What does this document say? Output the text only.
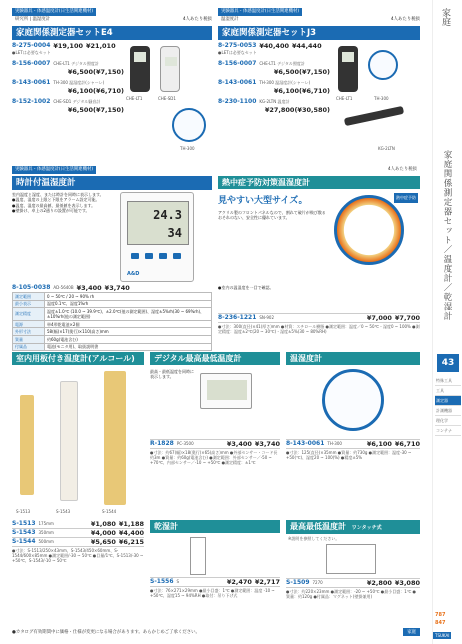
実験器具・体感温度計(日生活関連機材)
研究所 | 温湿度計	4人あたり税抜
家庭関係測定器セットE4
8-275-0004 ¥19,100 ¥21,010
●LETは必要なセット
8-156-0007 CHE-LT1 デジタル照度計
¥6,500(¥7,150)
8-143-0061 TH-300 温湿度計(シャーレ)
¥6,100(¥6,710)
8-152-1002 CHE-SD1 デジタル騒音計
¥6,500(¥7,150)
CHE-LT1	CHE-SD1
TH-300
実験器具・体感温度計(日生活関連機材)
温湿度計	4人あたり税抜
家庭関係測定器セットJ3
8-275-0053 ¥40,400 ¥44,440
●LETは必要なセット
8-156-0007 CHE-LT1 デジタル照度計
¥6,500(¥7,150)
8-143-0061 TH-300 温湿度計(シャーレ)
¥6,100(¥6,710)
8-230-1100 KG-2LTN 温度計
¥27,800(¥30,580)
CHE-LT1	TH-300
KG-2LTN
実験器具・体感温度計(日生活関連機材)
時計付温湿度計
室内温度と湿度、または時計を同時に表示します。
●温度、湿度の上限と下限をアラーム設定可能。
●温度、湿度の最高値、最低値を表示します。
●壁掛け、卓上の2通りの設置が可能です。	24.3
34
A&D
8-105-0038 AD-5640B ¥3,400 ¥3,740
測定範囲	0 ~ 50℃ / 20 ~ 90% rh
最小表示	温度0.1℃、湿度1%rh
測定精度	温度±1.0℃ (10.0 ~ 39.9℃)、±2.0℃(他の測定範囲)、湿度±5%rh(30 ~ 69%rh)、±10%rh(他の測定範囲)
電源	単4形乾電池×2個
外形寸法	58(幅)×17(奥行)×110(高さ)mm
質量	約60g(電池含む)
付属品	電池(モニタ用)、取扱説明書
4人あたり税抜
熱中症予防対策温湿度計
見やすい大型サイズ。
アクリル製のフロントパネルなので、割れて破片が飛び散るおそれのない、安全性に優れています。
熱中症予防
●室内の温湿度を一目で確認。
8-236-1221 SN-902	¥7,000 ¥7,700
●寸法：300(直径)×41(厚さ)mm ●材質：スチロール樹脂 ●測定範囲：温度／0 ~ 50℃・湿度0 ~ 100% ●測定精度：温度±2℃(20 ~ 30℃)・湿度±5%(30 ~ 80%RH)
室内用板付き温度計(アルコール)
S-1513	S-1543	S-1544
デジタル最高最低温度計
最高・最低温度を同時に表示します。
R-1828 PC-3500	¥3,400 ¥3,740
●寸法：約67(幅)×18(奥行)×65(高さ)mm ●外部センサー・コード長約3m ●質量：約60g(電池含む) ●測定範囲：外部センサー／-50 ~ +70℃、内部センサー／-10 ~ +50℃ ●測定精度：±1℃
温湿度計
8-143-0061 TH-300	¥6,100 ¥6,710
●寸法：125(直径)×35mm ●質量：約730g ●測定範囲：温度-30 ~ +50(℃)、湿度20 ~ 100(%) ●精度±5%
S-1513 175mm	¥1,080 ¥1,188
S-1543 350mm	¥4,000 ¥4,400
S-1544 500mm	¥5,650 ¥6,215
●寸法：S-1513/250×43mm、S-1543/450×60mm、S-1544/600×85mm ●測定範囲/-30 ~ 50℃ ●目量/1℃、S-1513/-30 ~ +50℃、S-1543/-10 ~ 50℃
乾湿計
S-1556 S	¥2,470 ¥2,717
●寸法：76×271×29mm ●最小目盛：1℃ ●測定範囲：温度 -10 ~ +50℃、湿度15 ~ 94%RH ●取付：吊り下げ式
最高最低温度計 ワンタッチ式
※説明を参照してください。
S-1509 7270	¥2,800 ¥3,080
●寸法：約220×23mm ●測定範囲：-20 ~ +50℃ ●最小目盛：1℃ ●質量：約120g ●付属品：マグネット(壁掛兼用)
●カタログ有効期間中に価格・仕様が変更になる場合があります。あらかじめご了承ください。	家庭
家庭
家庭関係測定器セット／温度計／乾湿計
43
特殊工具
工具
測定器
計測機器
理化学
コンテナ
787
847
TSUKAI
